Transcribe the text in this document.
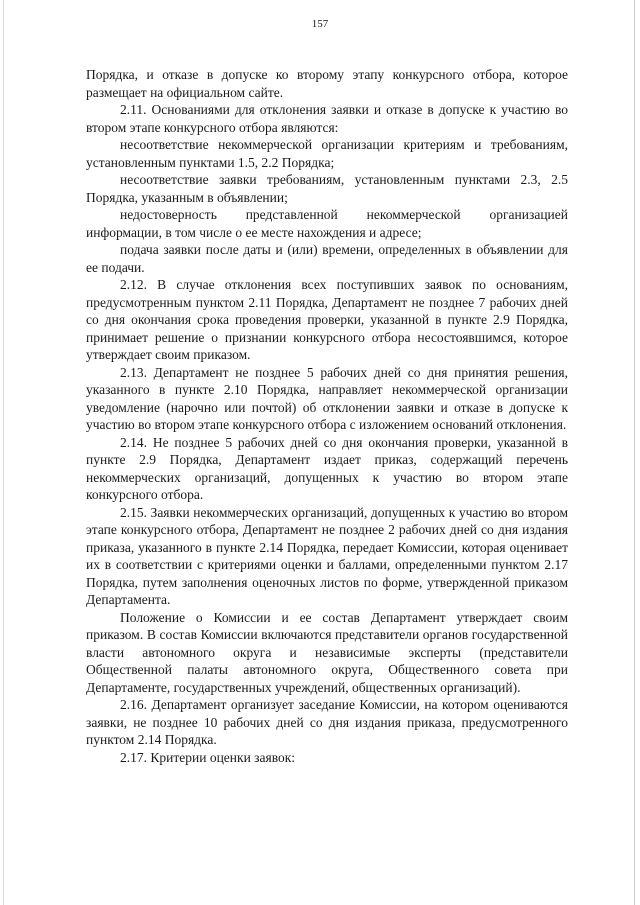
157

Порядка, и отказе в допуске ко второму этапу конкурсного отбора, которое размещает на официальном сайте.

2.11. Основаниями для отклонения заявки и отказе в допуске к участию во втором этапе конкурсного отбора являются:

несоответствие некоммерческой организации критериям и требованиям, установленным пунктами 1.5, 2.2 Порядка;

несоответствие заявки требованиям, установленным пунктами 2.3, 2.5 Порядка, указанным в объявлении;

недостоверность представленной некоммерческой организацией информации, в том числе о ее месте нахождения и адресе;

подача заявки после даты и (или) времени, определенных в объявлении для ее подачи.

2.12. В случае отклонения всех поступивших заявок по основаниям, предусмотренным пунктом 2.11 Порядка, Департамент не позднее 7 рабочих дней со дня окончания срока проведения проверки, указанной в пункте 2.9 Порядка, принимает решение о признании конкурсного отбора несостоявшимся, которое утверждает своим приказом.

2.13. Департамент не позднее 5 рабочих дней со дня принятия решения, указанного в пункте 2.10 Порядка, направляет некоммерческой организации уведомление (нарочно или почтой) об отклонении заявки и отказе в допуске к участию во втором этапе конкурсного отбора с изложением оснований отклонения.

2.14. Не позднее 5 рабочих дней со дня окончания проверки, указанной в пункте 2.9 Порядка, Департамент издает приказ, содержащий перечень некоммерческих организаций, допущенных к участию во втором этапе конкурсного отбора.

2.15. Заявки некоммерческих организаций, допущенных к участию во втором этапе конкурсного отбора, Департамент не позднее 2 рабочих дней со дня издания приказа, указанного в пункте 2.14 Порядка, передает Комиссии, которая оценивает их в соответствии с критериями оценки и баллами, определенными пунктом 2.17 Порядка, путем заполнения оценочных листов по форме, утвержденной приказом Департамента.

Положение о Комиссии и ее состав Департамент утверждает своим приказом. В состав Комиссии включаются представители органов государственной власти автономного округа и независимые эксперты (представители Общественной палаты автономного округа, Общественного совета при Департаменте, государственных учреждений, общественных организаций).

2.16. Департамент организует заседание Комиссии, на котором оцениваются заявки, не позднее 10 рабочих дней со дня издания приказа, предусмотренного пунктом 2.14 Порядка.

2.17. Критерии оценки заявок:
